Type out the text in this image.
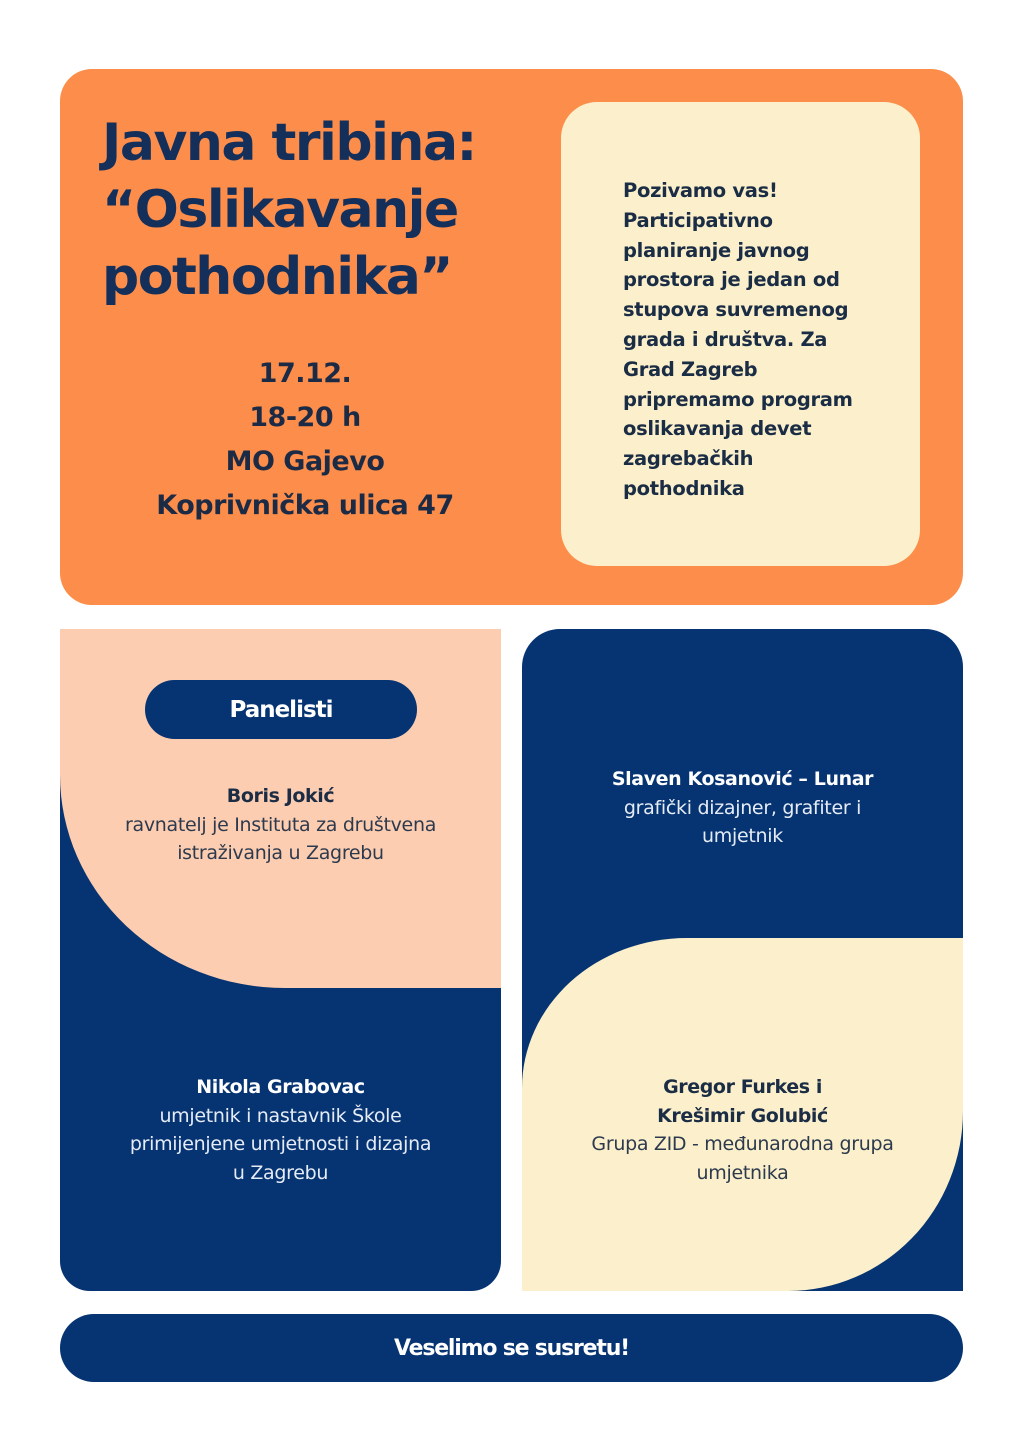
Javna tribina:
“Oslikavanje
pothodnika”
17.12.
18-20 h
MO Gajevo
Koprivnička ulica 47

Pozivamo vas!
Participativno
planiranje javnog
prostora je jedan od
stupova suvremenog
grada i društva. Za
Grad Zagreb
pripremamo program
oslikavanja devet
zagrebačkih
pothodnika

Panelisti
Boris Jokić
ravnatelj je Instituta za društvena
istraživanja u Zagrebu
Nikola Grabovac
umjetnik i nastavnik Škole
primijenjene umjetnosti i dizajna
u Zagrebu
Slaven Kosanović – Lunar
grafički dizajner, grafiter i
umjetnik
Gregor Furkes i
Krešimir Golubić
Grupa ZID - međunarodna grupa
umjetnika
Veselimo se susretu!
